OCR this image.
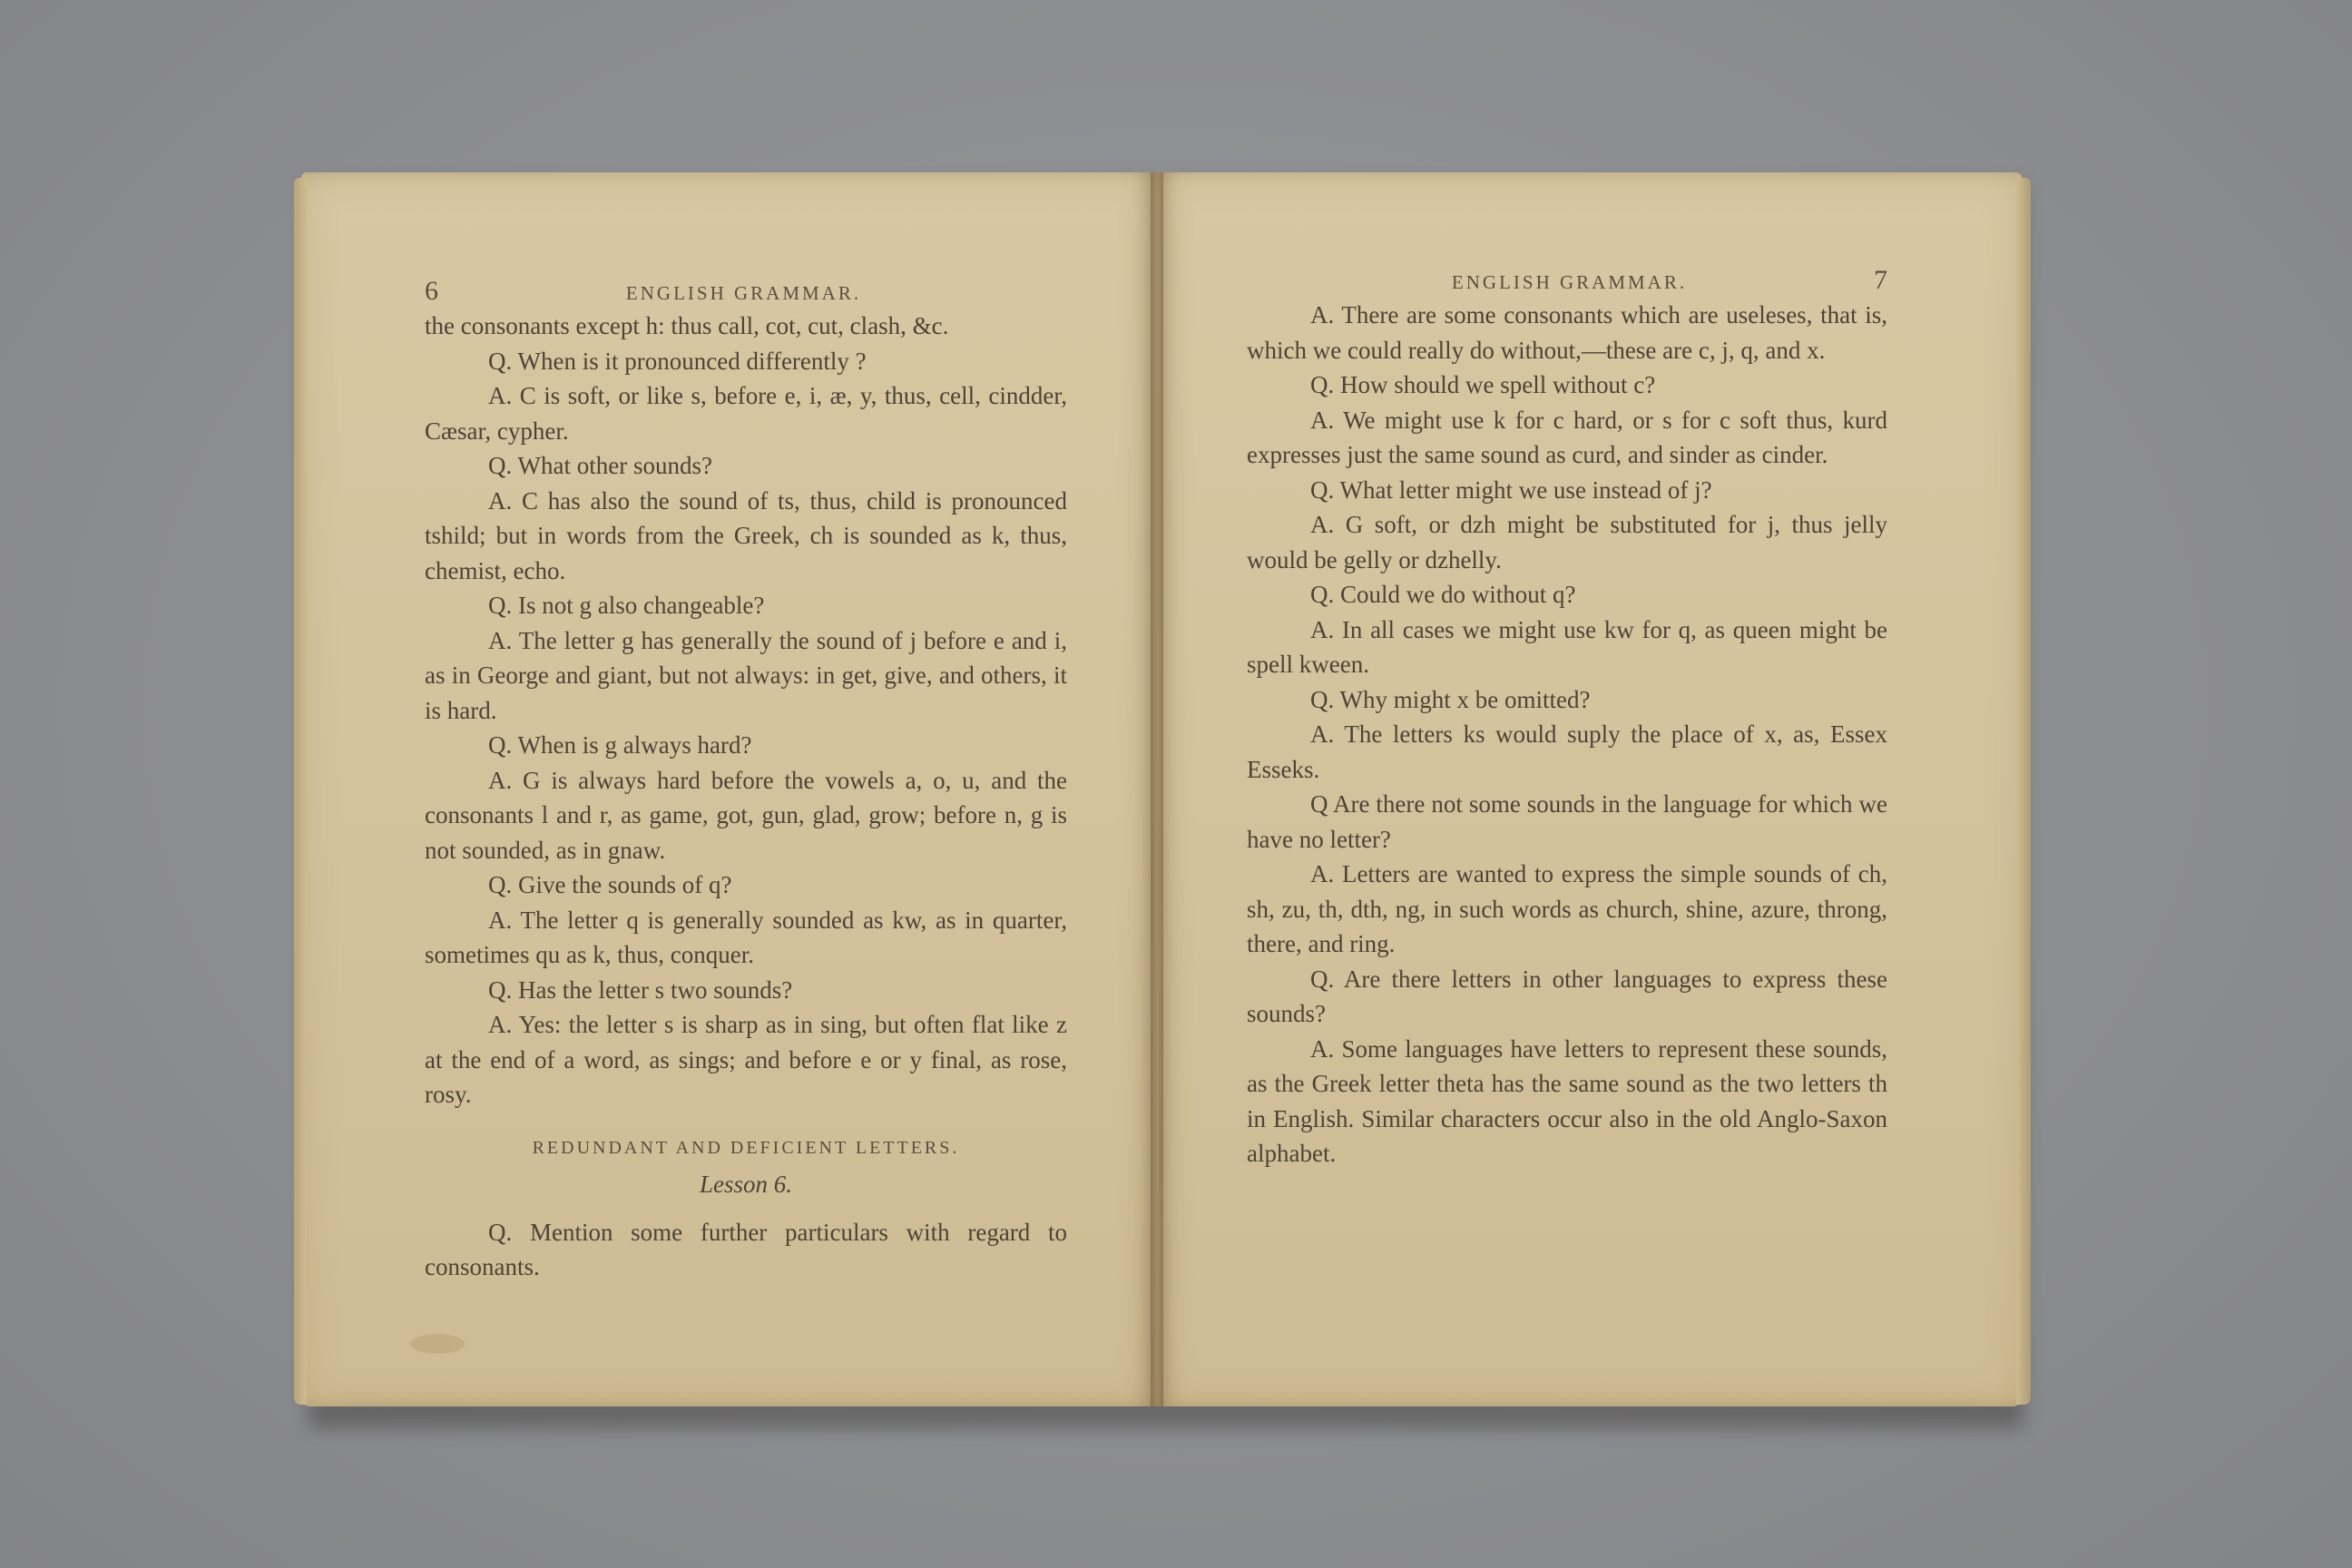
6	ENGLISH GRAMMAR.

the consonants except h: thus call, cot, cut, clash, &c.

Q. When is it pronounced differently ?

A. C is soft, or like s, before e, i, æ, y, thus, cell, cindder, Cæsar, cypher.

Q. What other sounds?

A. C has also the sound of ts, thus, child is pronounced tshild; but in words from the Greek, ch is sounded as k, thus, chemist, echo.

Q. Is not g also changeable?

A. The letter g has generally the sound of j before e and i, as in George and giant, but not always: in get, give, and others, it is hard.

Q. When is g always hard?

A. G is always hard before the vowels a, o, u, and the consonants l and r, as game, got, gun, glad, grow; before n, g is not sounded, as in gnaw.

Q. Give the sounds of q?

A. The letter q is generally sounded as kw, as in quarter, sometimes qu as k, thus, conquer.

Q. Has the letter s two sounds?

A. Yes: the letter s is sharp as in sing, but often flat like z at the end of a word, as sings; and before e or y final, as rose, rosy.

REDUNDANT AND DEFICIENT LETTERS.
Lesson 6.

Q. Mention some further particulars with regard to consonants.

ENGLISH GRAMMAR.	7

A. There are some consonants which are useleses, that is, which we could really do without,—these are c, j, q, and x.

Q. How should we spell without c?

A. We might use k for c hard, or s for c soft thus, kurd expresses just the same sound as curd, and sinder as cinder.

Q. What letter might we use instead of j?

A. G soft, or dzh might be substituted for j, thus jelly would be gelly or dzhelly.

Q. Could we do without q?

A. In all cases we might use kw for q, as queen might be spell kween.

Q. Why might x be omitted?

A. The letters ks would suply the place of x, as, Essex Esseks.

Q Are there not some sounds in the language for which we have no letter?

A. Letters are wanted to express the simple sounds of ch, sh, zu, th, dth, ng, in such words as church, shine, azure, throng, there, and ring.

Q. Are there letters in other languages to express these sounds?

A. Some languages have letters to represent these sounds, as the Greek letter theta has the same sound as the two letters th in English. Similar characters occur also in the old Anglo-Saxon alphabet.
